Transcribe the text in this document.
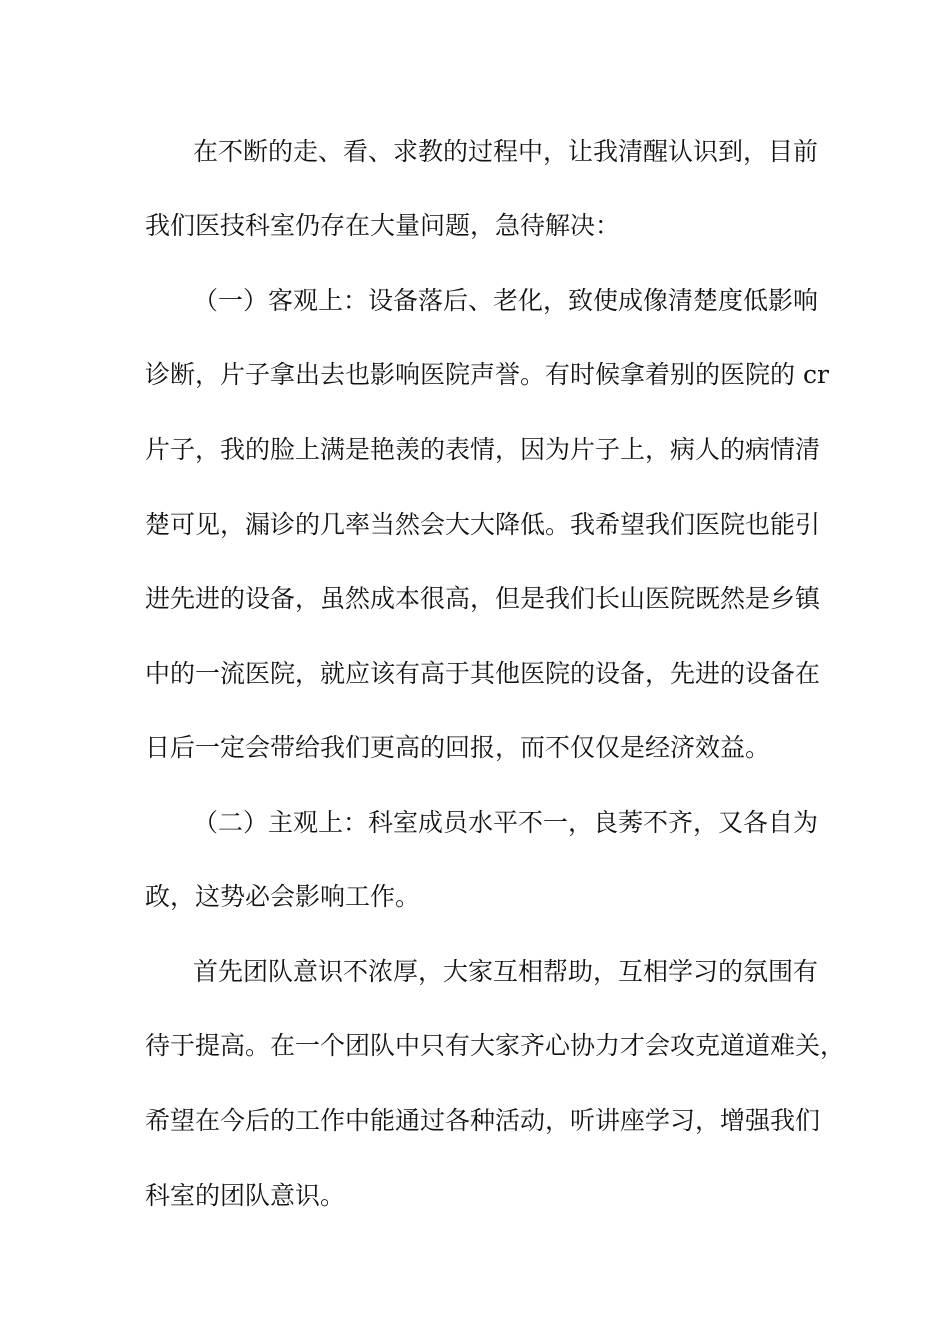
在不断的走、看、求教的过程中，让我清醒认识到，目前

我们医技科室仍存在大量问题，急待解决：

（一）客观上：设备落后、老化，致使成像清楚度低影响

诊断，片子拿出去也影响医院声誉。有时候拿着别的医院的 cr

片子，我的脸上满是艳羡的表情，因为片子上，病人的病情清

楚可见，漏诊的几率当然会大大降低。我希望我们医院也能引

进先进的设备，虽然成本很高，但是我们长山医院既然是乡镇

中的一流医院，就应该有高于其他医院的设备，先进的设备在

日后一定会带给我们更高的回报，而不仅仅是经济效益。

（二）主观上：科室成员水平不一，良莠不齐，又各自为

政，这势必会影响工作。

首先团队意识不浓厚，大家互相帮助，互相学习的氛围有

待于提高。在一个团队中只有大家齐心协力才会攻克道道难关，

希望在今后的工作中能通过各种活动，听讲座学习，增强我们

科室的团队意识。
